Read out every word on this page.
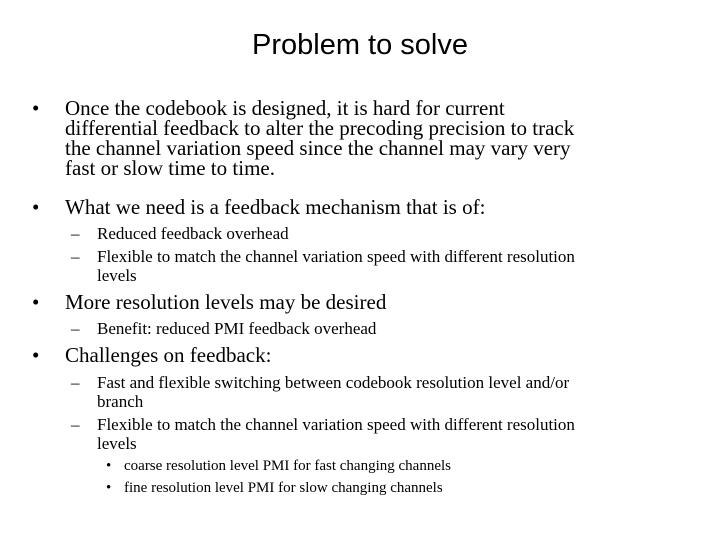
Problem to solve
• Once the codebook is designed, it is hard for current
differential feedback to alter the precoding precision to track
the channel variation speed since the channel may vary very
fast or slow time to time.
• What we need is a feedback mechanism that is of:
– Reduced feedback overhead
– Flexible to match the channel variation speed with different resolution
levels
• More resolution levels may be desired
– Benefit: reduced PMI feedback overhead
• Challenges on feedback:
– Fast and flexible switching between codebook resolution level and/or
branch
– Flexible to match the channel variation speed with different resolution
levels
• coarse resolution level PMI for fast changing channels
• fine resolution level PMI for slow changing channels
